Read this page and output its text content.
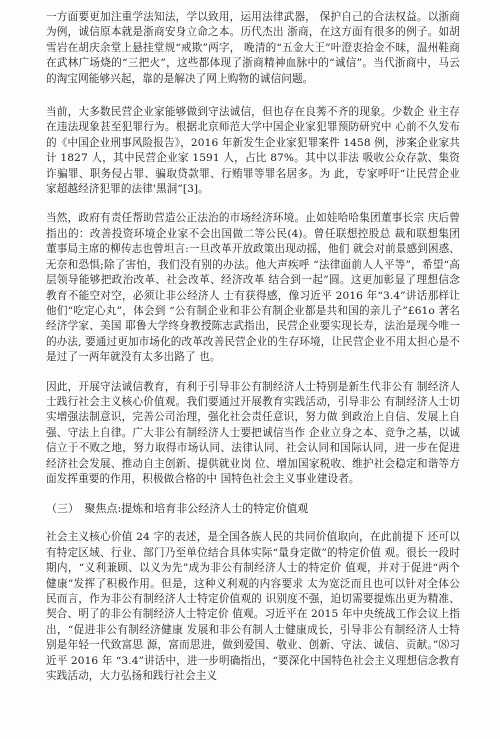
一方面要更加注重学法知法，学以致用，运用法律武器， 保护自己的合法权益。以浙商为例，诚信原本就是浙商安身立命之本。历代杰出 浙商，在这方面有很多的例子。如胡雪岩在胡庆余堂上悬挂堂规“戒欺”两字， 晚清的“五金大王”叶澄衷拾金不昧，温州鞋商在武林广场烧的“三把火”，这些都体现了浙商精神血脉中的“诚信”。当代浙商中，马云的淘宝网能够兴起，靠的是解决了网上购物的诚信问题。

当前，大多数民营企业家能够做到守法诚信，但也存在良莠不齐的现象。少数企 业主存在违法现象甚至犯罪行为。根据北京师范大学中国企业家犯罪预防研究中 心前不久发布的《中国企业刑事风险报告》，2016 年新发生企业家犯罪案件 1458 例，涉案企业家共计 1827 人，其中民营企业家 1591 人，占比 87%。其中以非法 吸收公众存款、集资诈骗罪、职务侵占罪、骗取贷款罪、行贿罪等罪名居多。为 此，专家呼吁“让民营企业家超越经济犯罪的法律'黑洞”[3]。

当然，政府有责任帮助营造公正法治的市场经济环境。止如娃哈哈集团董事长宗 庆后曾指出的：改善投资环境企业家不会出国做二等公民(4)。曾任联想控股总 裁和联想集团董事局主席的柳传志也曾坦言:一旦改革开放政策出现动摇，他们 就会对前景感到困惑、无奈和恐惧;除了害怕，我们没有别的办法。他大声疾呼 “法律面前人人平等”，希望“高层领导能够把政治改革、社会改革、经济改革 结合到一起”圆。这更加彰显了理想信念教育不能空对空，必须让非公经济人 士有获得感，像习近平 2016 年“3.4”讲话那样让他们“吃定心丸”，体会到 “公有制企业和非公有制企业都是共和国的亲儿子”£61o 著名经济学家、美国 耶鲁大学终身教授陈志武指出，民营企业要实现长寿，法治是现今唯一的办法, 要通过更加市场化的改革改善民营企业的生存环境，让民营企业不用太担心是不 是过了一两年就没有太多出路了 也。

因此，开展守法诚信教育，有利于引导非公有制经济人士特别是新生代非公有 制经济人士践行社会主义核心价值观。我们要通过开展教育实践活动，引导非公 有制经济人士切实增强法制意识，完善公司治理，强化社会责任意识，努力做 到政治上自信、发展上自强、守法上自律。广大非公有制经济人士要把诚信当作 企业立身之本、竞争之基，以诚信立于不败之地，努力取得市场认同、法律认同、社会认同和国际认同，进一步在促进经济社会发展、推动自主创新、提供就业岗 位、增加国家税收、维护社会稳定和谐等方面发挥重要的作用，积极做合格的中 国特色社会主义事业建设者。

（三）　聚焦点:提炼和培育非公经济人士的特定价值观

社会主义核心价值 24 字的表述，是全国各族人民的共同价值取向，在此前提下 还可以有特定区域、行业、部门乃至单位结合具体实际“量身定做”的特定价值 观。很长一段时期内，“义利兼顾、以义为先”成为非公有制经济人士的特定价 值观，并对于促进“两个健康”发挥了积极作用。但是，这种义利观的内容要求 太为宽泛而且也可以针对全体公民而言，作为非公有制经济人士特定价值观的 识别度不强，迫切需要提炼出更为精准、契合、明了的非公有制经济人士特定价 值观。习近平在 2015 年中央统战工作会议上指出，“促进非公有制经济健康 发展和非公有制人士健康成长，引导非公有制经济人士特别是年轻一代致富思 源，富而思进，做到爱国、敬业、创新、守法、诚信、贡献。”⑻习近平 2016 年 “3.4”讲话中，进一步明确指出，“要深化中国特色社会主义理想信念教育 实践活动，大力弘扬和践行社会主义
